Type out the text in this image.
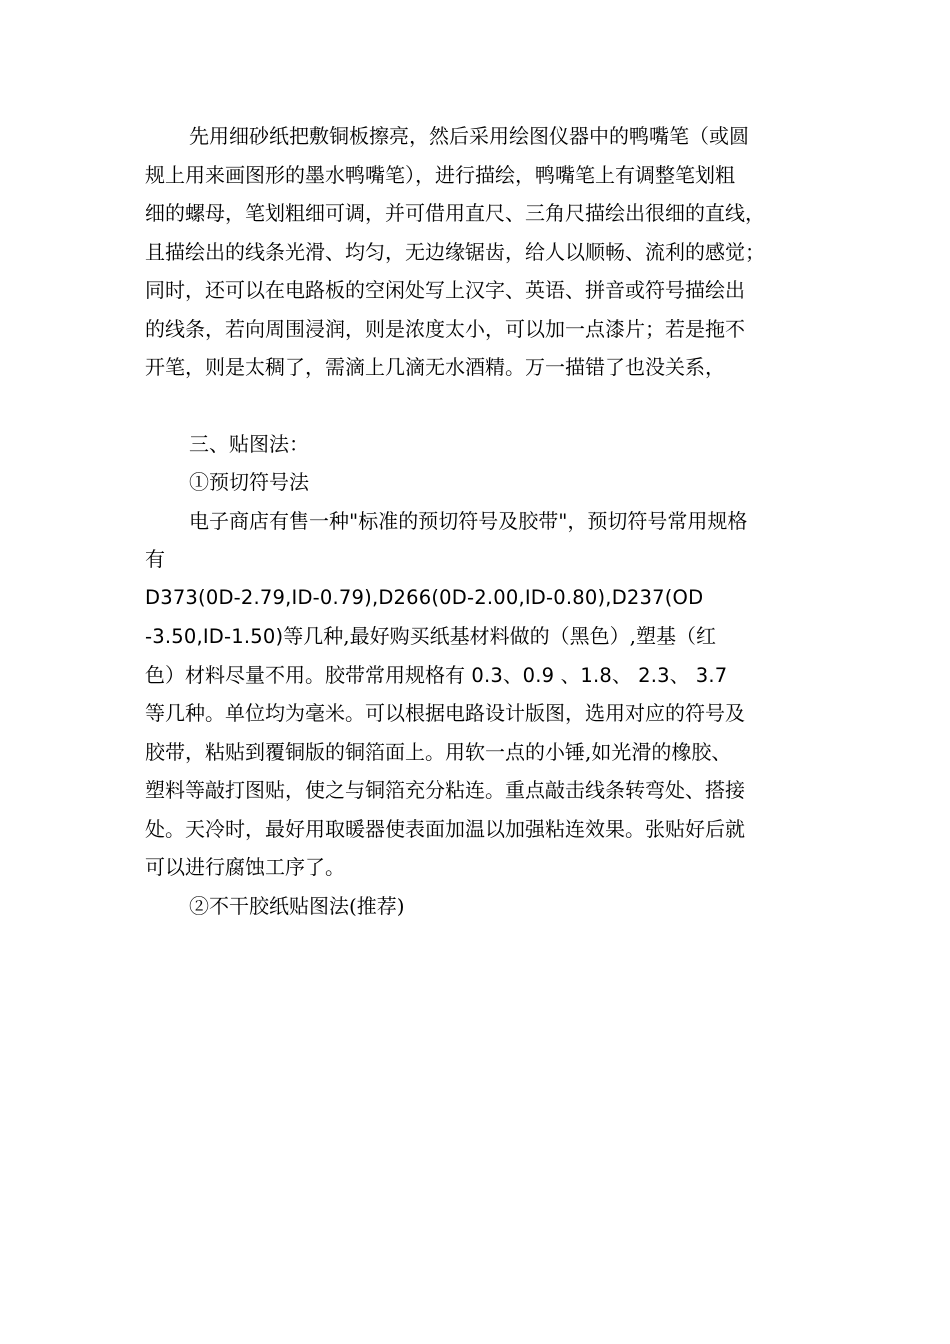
先用细砂纸把敷铜板擦亮，然后采用绘图仪器中的鸭嘴笔（或圆
规上用来画图形的墨水鸭嘴笔），进行描绘，鸭嘴笔上有调整笔划粗
细的螺母，笔划粗细可调，并可借用直尺、三角尺描绘出很细的直线，
且描绘出的线条光滑、均匀，无边缘锯齿，给人以顺畅、流利的感觉；
同时，还可以在电路板的空闲处写上汉字、英语、拼音或符号描绘出
的线条，若向周围浸润，则是浓度太小，可以加一点漆片；若是拖不
开笔，则是太稠了，需滴上几滴无水酒精。万一描错了也没关系，
三、贴图法：
①预切符号法
电子商店有售一种"标准的预切符号及胶带"，预切符号常用规格
有
D373(0D-2.79,ID-0.79),D266(0D-2.00,ID-0.80),D237(OD
-3.50,ID-1.50)等几种,最好购买纸基材料做的（黑色）,塑基（红
色）材料尽量不用。胶带常用规格有 0.3、0.9 、1.8、 2.3、 3.7
等几种。单位均为毫米。可以根据电路设计版图，选用对应的符号及
胶带，粘贴到覆铜版的铜箔面上。用软一点的小锤,如光滑的橡胶、
塑料等敲打图贴，使之与铜箔充分粘连。重点敲击线条转弯处、搭接
处。天冷时，最好用取暖器使表面加温以加强粘连效果。张贴好后就
可以进行腐蚀工序了。
②不干胶纸贴图法(推荐)
